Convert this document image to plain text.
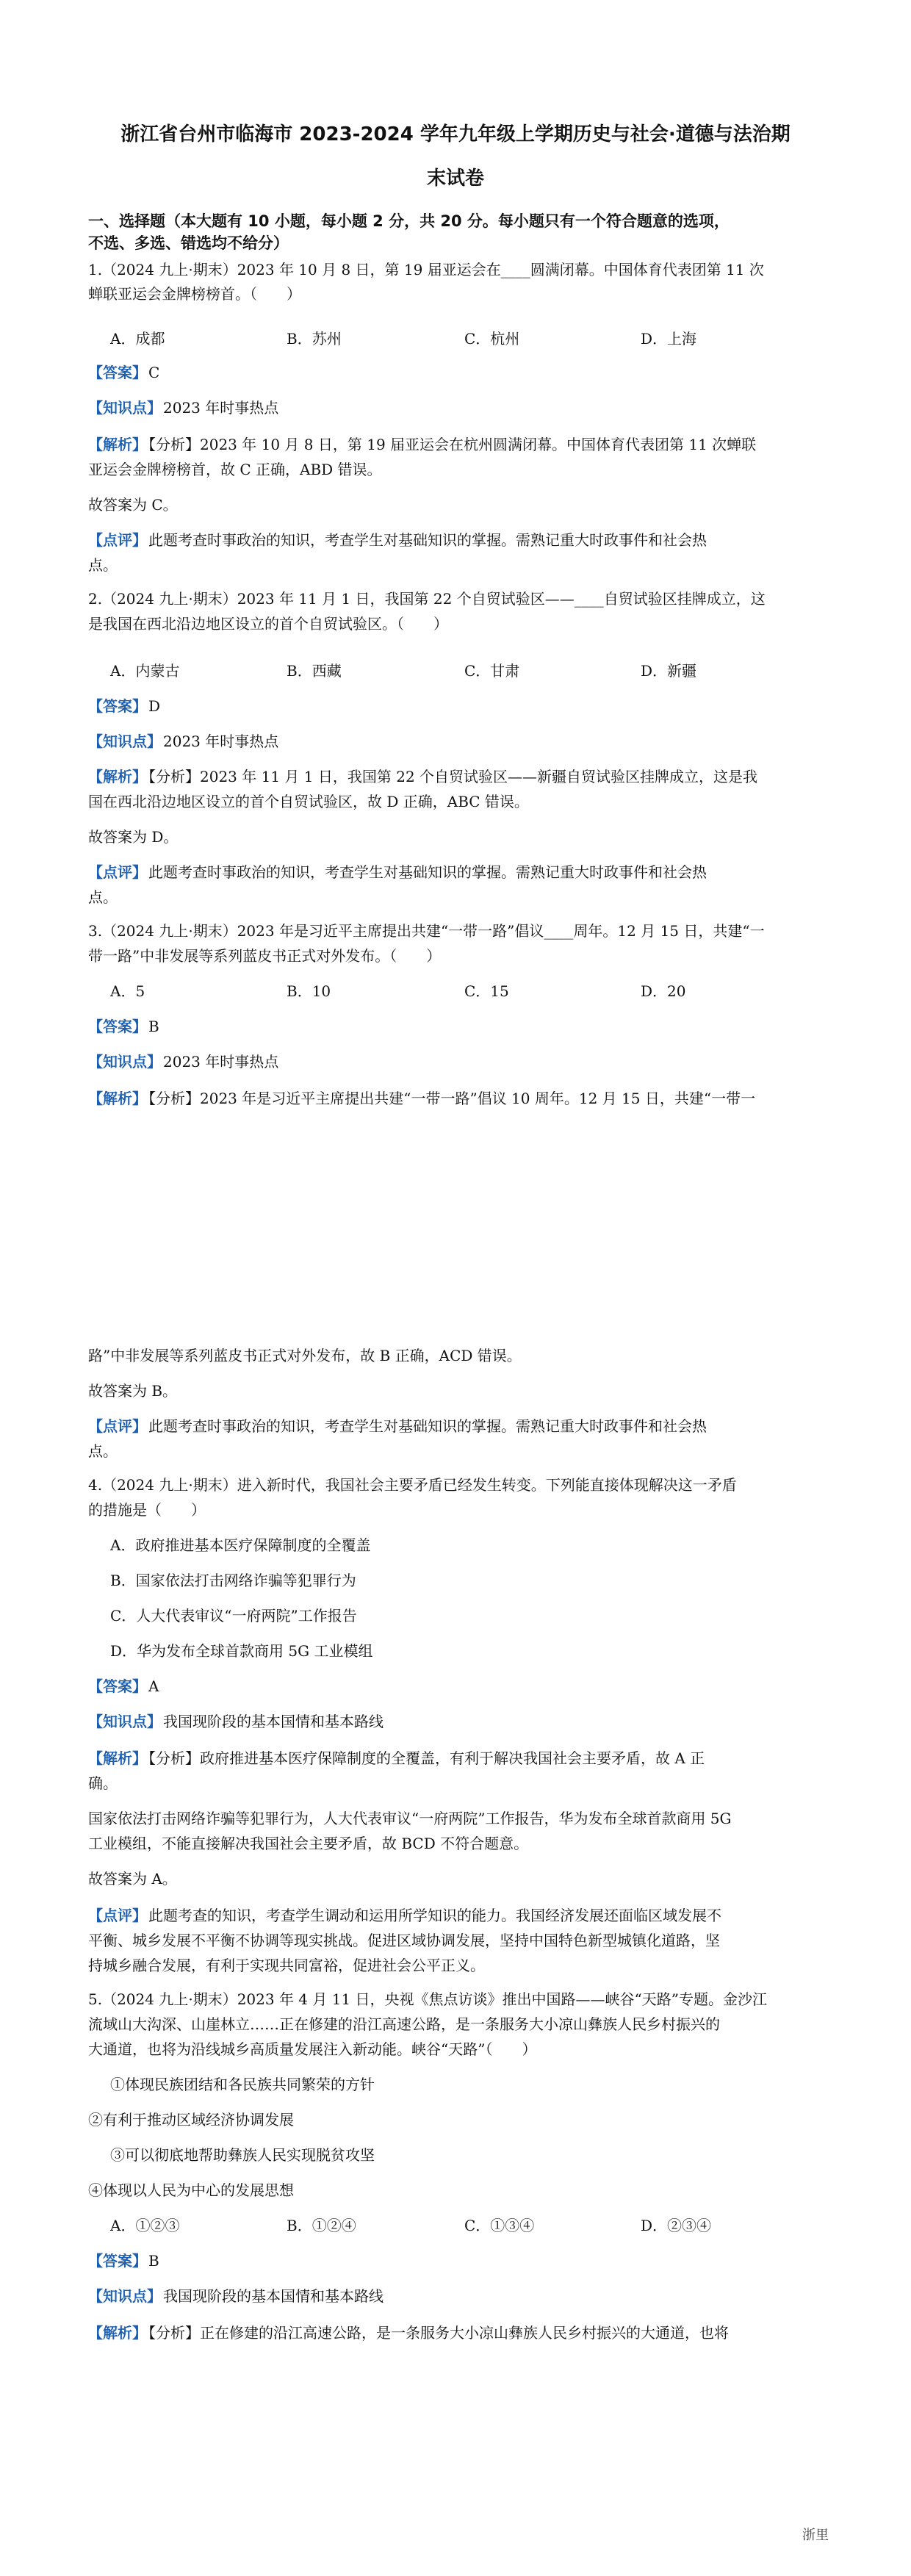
浙江省台州市临海市 2023-2024 学年九年级上学期历史与社会·道德与法治期
末试卷
一、选择题（本大题有 10 小题，每小题 2 分，共 20 分。每小题只有一个符合题意的选项，
不选、多选、错选均不给分）
1.（2024 九上·期末）2023 年 10 月 8 日，第 19 届亚运会在____圆满闭幕。中国体育代表团第 11 次
蝉联亚运会金牌榜榜首。（　　）
A．成都	B．苏州	C．杭州	D．上海
【答案】 C
【知识点】 2023 年时事热点
【解析】 【分析】2023 年 10 月 8 日，第 19 届亚运会在杭州圆满闭幕。中国体育代表团第 11 次蝉联
亚运会金牌榜榜首，故 C 正确，ABD 错误。
故答案为 C。
【点评】 此题考查时事政治的知识，考查学生对基础知识的掌握。需熟记重大时政事件和社会热
点。
2.（2024 九上·期末）2023 年 11 月 1 日，我国第 22 个自贸试验区——____自贸试验区挂牌成立，这
是我国在西北沿边地区设立的首个自贸试验区。（　　）
A．内蒙古	B．西藏	C．甘肃	D．新疆
【答案】 D
【知识点】 2023 年时事热点
【解析】 【分析】2023 年 11 月 1 日，我国第 22 个自贸试验区——新疆自贸试验区挂牌成立，这是我
国在西北沿边地区设立的首个自贸试验区，故 D 正确，ABC 错误。
故答案为 D。
【点评】 此题考查时事政治的知识，考查学生对基础知识的掌握。需熟记重大时政事件和社会热
点。
3.（2024 九上·期末）2023 年是习近平主席提出共建“一带一路”倡议____周年。12 月 15 日，共建“一
带一路”中非发展等系列蓝皮书正式对外发布。（　　）
A．5	B．10	C．15	D．20
【答案】 B
【知识点】 2023 年时事热点
【解析】 【分析】2023 年是习近平主席提出共建“一带一路”倡议 10 周年。12 月 15 日，共建“一带一
路”中非发展等系列蓝皮书正式对外发布，故 B 正确，ACD 错误。
故答案为 B。
【点评】 此题考查时事政治的知识，考查学生对基础知识的掌握。需熟记重大时政事件和社会热
点。
4.（2024 九上·期末）进入新时代，我国社会主要矛盾已经发生转变。下列能直接体现解决这一矛盾
的措施是（　　）
A．政府推进基本医疗保障制度的全覆盖
B．国家依法打击网络诈骗等犯罪行为
C．人大代表审议“一府两院”工作报告
D．华为发布全球首款商用 5G 工业模组
【答案】 A
【知识点】 我国现阶段的基本国情和基本路线
【解析】 【分析】政府推进基本医疗保障制度的全覆盖，有利于解决我国社会主要矛盾，故 A 正
确。
国家依法打击网络诈骗等犯罪行为，人大代表审议“一府两院”工作报告，华为发布全球首款商用 5G
工业模组，不能直接解决我国社会主要矛盾，故 BCD 不符合题意。
故答案为 A。
【点评】 此题考查的知识，考查学生调动和运用所学知识的能力。我国经济发展还面临区域发展不
平衡、城乡发展不平衡不协调等现实挑战。促进区域协调发展，坚持中国特色新型城镇化道路，坚
持城乡融合发展，有利于实现共同富裕，促进社会公平正义。
5.（2024 九上·期末）2023 年 4 月 11 日，央视《焦点访谈》推出中国路——峡谷“天路”专题。金沙江
流域山大沟深、山崖林立……正在修建的沿江高速公路，是一条服务大小凉山彝族人民乡村振兴的
大通道，也将为沿线城乡高质量发展注入新动能。峡谷“天路”（　　）
①体现民族团结和各民族共同繁荣的方针
②有利于推动区域经济协调发展
③可以彻底地帮助彝族人民实现脱贫攻坚
④体现以人民为中心的发展思想
A．①②③	B．①②④	C．①③④	D．②③④
【答案】 B
【知识点】 我国现阶段的基本国情和基本路线
【解析】 【分析】正在修建的沿江高速公路，是一条服务大小凉山彝族人民乡村振兴的大通道，也将
浙里
